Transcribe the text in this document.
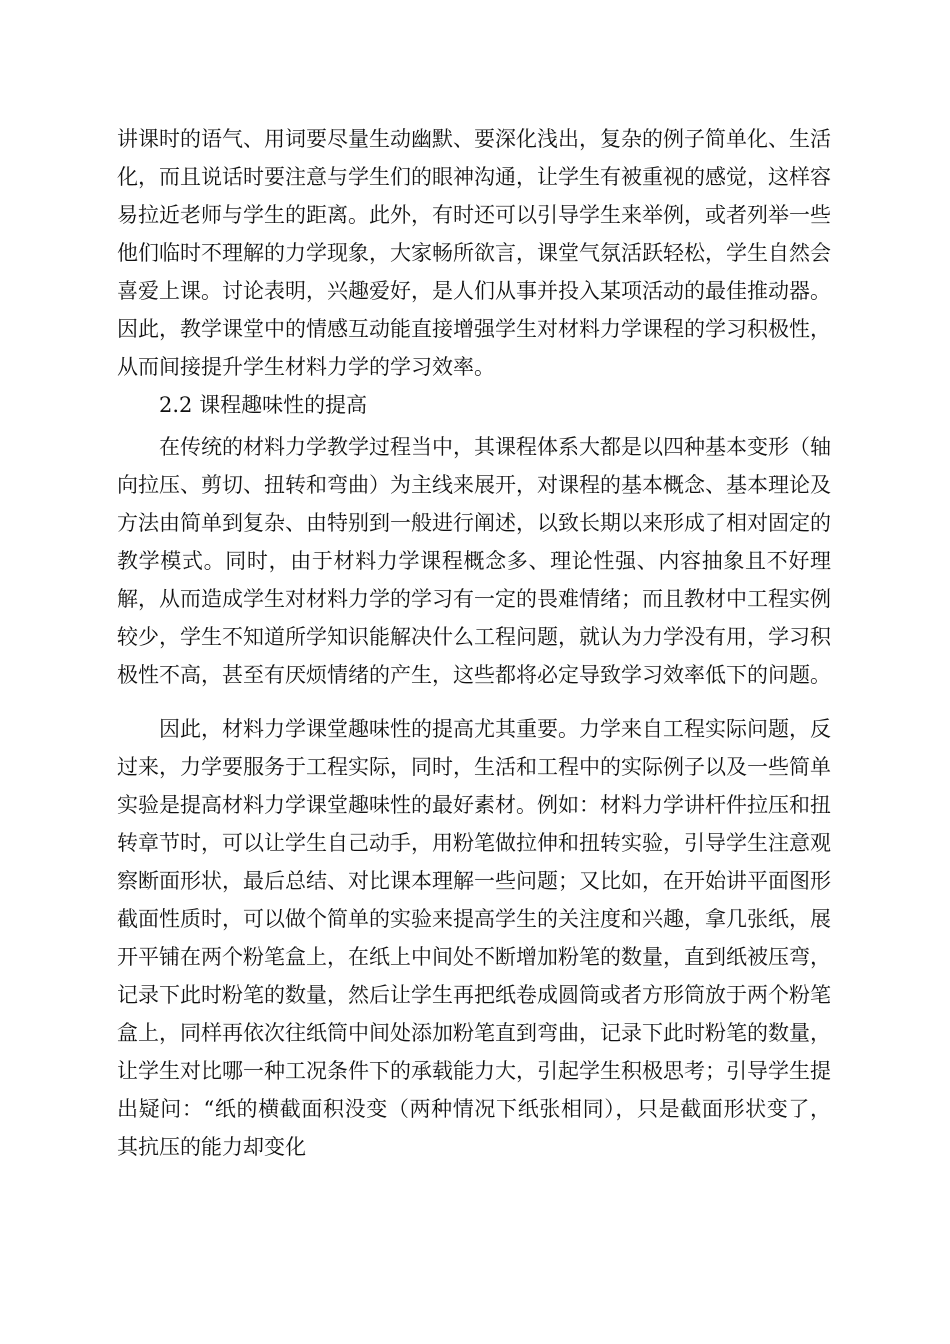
讲课时的语气、用词要尽量生动幽默、要深化浅出，复杂的例子简单化、生活化，而且说话时要注意与学生们的眼神沟通，让学生有被重视的感觉，这样容易拉近老师与学生的距离。此外，有时还可以引导学生来举例，或者列举一些他们临时不理解的力学现象，大家畅所欲言，课堂气氛活跃轻松，学生自然会喜爱上课。讨论表明，兴趣爱好，是人们从事并投入某项活动的最佳推动器。因此，教学课堂中的情感互动能直接增强学生对材料力学课程的学习积极性，从而间接提升学生材料力学的学习效率。

2.2 课程趣味性的提高

在传统的材料力学教学过程当中，其课程体系大都是以四种基本变形（轴向拉压、剪切、扭转和弯曲）为主线来展开，对课程的基本概念、基本理论及方法由简单到复杂、由特别到一般进行阐述，以致长期以来形成了相对固定的教学模式。同时，由于材料力学课程概念多、理论性强、内容抽象且不好理解，从而造成学生对材料力学的学习有一定的畏难情绪；而且教材中工程实例较少，学生不知道所学知识能解决什么工程问题，就认为力学没有用，学习积极性不高，甚至有厌烦情绪的产生，这些都将必定导致学习效率低下的问题。

因此，材料力学课堂趣味性的提高尤其重要。力学来自工程实际问题，反过来，力学要服务于工程实际，同时，生活和工程中的实际例子以及一些简单实验是提高材料力学课堂趣味性的最好素材。例如：材料力学讲杆件拉压和扭转章节时，可以让学生自己动手，用粉笔做拉伸和扭转实验，引导学生注意观察断面形状，最后总结、对比课本理解一些问题；又比如，在开始讲平面图形截面性质时，可以做个简单的实验来提高学生的关注度和兴趣，拿几张纸，展开平铺在两个粉笔盒上，在纸上中间处不断增加粉笔的数量，直到纸被压弯，记录下此时粉笔的数量，然后让学生再把纸卷成圆筒或者方形筒放于两个粉笔盒上，同样再依次往纸筒中间处添加粉笔直到弯曲，记录下此时粉笔的数量，让学生对比哪一种工况条件下的承载能力大，引起学生积极思考；引导学生提出疑问：“纸的横截面积没变（两种情况下纸张相同），只是截面形状变了，其抗压的能力却变化
